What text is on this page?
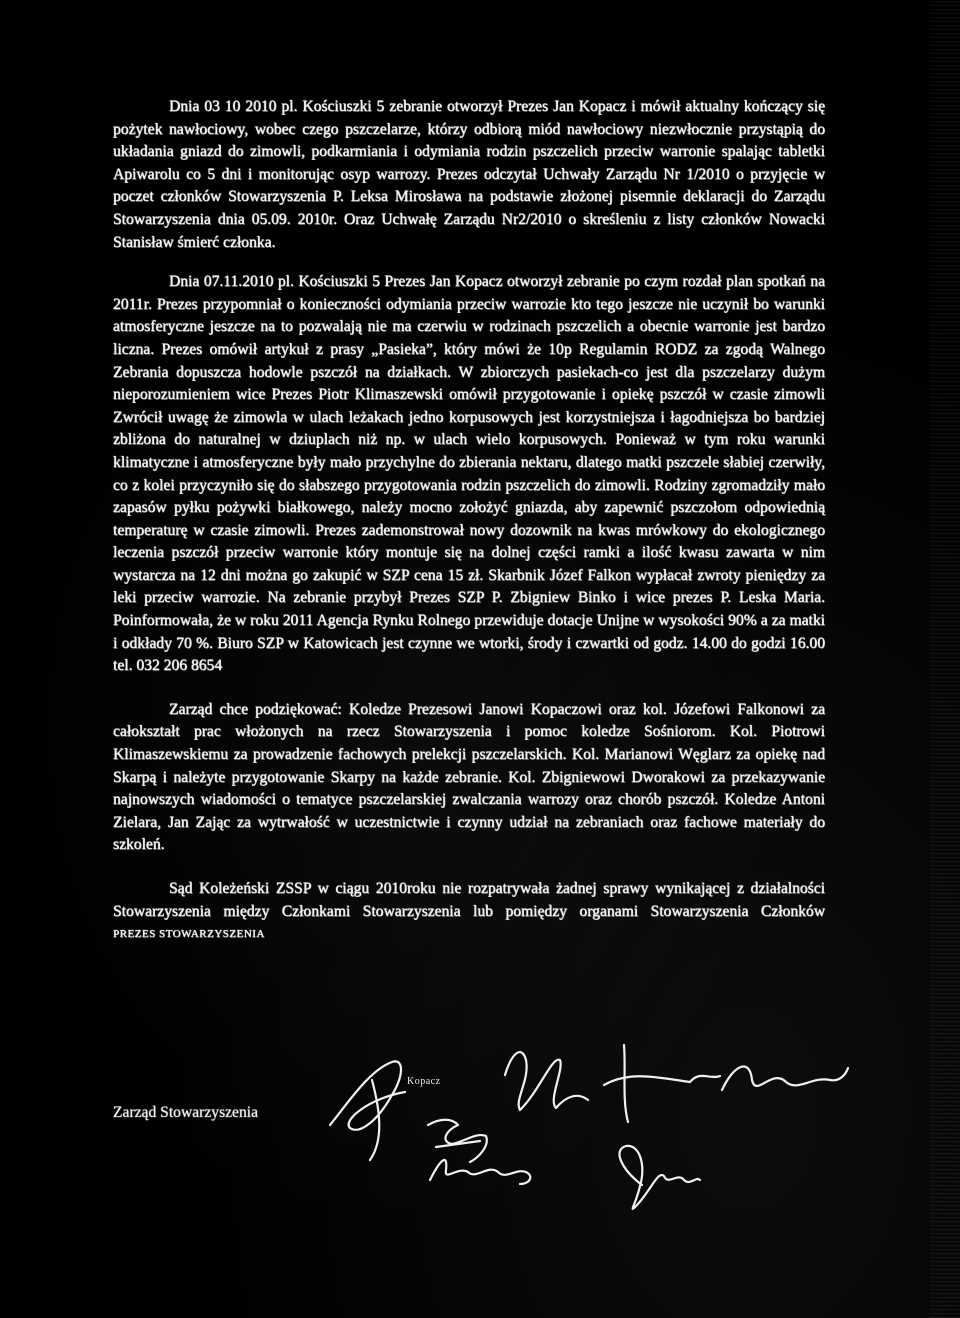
Dnia 03 10 2010 pl. Kościuszki 5 zebranie otworzył Prezes Jan Kopacz i mówił aktualny kończący się pożytek nawłociowy, wobec czego pszczelarze, którzy odbiorą miód nawłociowy niezwłocznie przystąpią do układania gniazd do zimowli, podkarmiania i odymiania rodzin pszczelich przeciw warronie spalając tabletki Apiwarolu co 5 dni i monitorując osyp warrozy. Prezes odczytał Uchwały Zarządu Nr 1/2010 o przyjęcie w poczet członków Stowarzyszenia P. Leksa Mirosława na podstawie złożonej pisemnie deklaracji do Zarządu Stowarzyszenia dnia 05.09. 2010r. Oraz Uchwałę Zarządu Nr2/2010 o skreśleniu z listy członków Nowacki Stanisław śmierć członka.

Dnia 07.11.2010 pl. Kościuszki 5 Prezes Jan Kopacz otworzył zebranie po czym rozdał plan spotkań na 2011r. Prezes przypomniał o konieczności odymiania przeciw warrozie kto tego jeszcze nie uczynił bo warunki atmosferyczne jeszcze na to pozwalają nie ma czerwiu w rodzinach pszczelich a obecnie warronie jest bardzo liczna. Prezes omówił artykuł z prasy „Pasieka”, który mówi że 10p Regulamin RODZ za zgodą Walnego Zebrania dopuszcza hodowle pszczół na działkach. W zbiorczych pasiekach-co jest dla pszczelarzy dużym nieporozumieniem wice Prezes Piotr Klimaszewski omówił przygotowanie i opiekę pszczół w czasie zimowli Zwrócił uwagę że zimowla w ulach leżakach jedno korpusowych jest korzystniejsza i łagodniejsza bo bardziej zbliżona do naturalnej w dziuplach niż np. w ulach wielo korpusowych. Ponieważ w tym roku warunki klimatyczne i atmosferyczne były mało przychylne do zbierania nektaru, dlatego matki pszczele słabiej czerwiły, co z kolei przyczyniło się do słabszego przygotowania rodzin pszczelich do zimowli. Rodziny zgromadziły mało zapasów pyłku pożywki białkowego, należy mocno zołożyć gniazda, aby zapewnić pszczołom odpowiednią temperaturę w czasie zimowli. Prezes zademonstrował nowy dozownik na kwas mrówkowy do ekologicznego leczenia pszczół przeciw warronie który montuje się na dolnej części ramki a ilość kwasu zawarta w nim wystarcza na 12 dni można go zakupić w SZP cena 15 zł. Skarbnik Józef Falkon wypłacał zwroty pieniędzy za leki przeciw warrozie. Na zebranie przybył Prezes SZP P. Zbigniew Binko i wice prezes P. Leska Maria. Poinformowała, że w roku 2011 Agencja Rynku Rolnego przewiduje dotacje Unijne w wysokości 90% a za matki i odkłady 70 %. Biuro SZP w Katowicach jest czynne we wtorki, środy i czwartki od godz. 14.00 do godzi 16.00 tel. 032 206 8654

Zarząd chce podziękować: Koledze Prezesowi Janowi Kopaczowi oraz kol. Józefowi Falkonowi za całokształt prac włożonych na rzecz Stowarzyszenia i pomoc koledze Sośniorom. Kol. Piotrowi Klimaszewskiemu za prowadzenie fachowych prelekcji pszczelarskich. Kol. Marianowi Węglarz za opiekę nad Skarpą i należyte przygotowanie Skarpy na każde zebranie. Kol. Zbigniewowi Dworakowi za przekazywanie najnowszych wiadomości o tematyce pszczelarskiej zwalczania warrozy oraz chorób pszczół. Koledze Antoni Zielara, Jan Zając za wytrwałość w uczestnictwie i czynny udział na zebraniach oraz fachowe materiały do szkoleń.

Sąd Koleżeński ZSSP w ciągu 2010roku nie rozpatrywała żadnej sprawy wynikającej z działalności Stowarzyszenia między Członkami Stowarzyszenia lub pomiędzy organami Stowarzyszenia Członków PREZES STOWARZYSZENIA

Zarząd Stowarzyszenia
Kopacz
